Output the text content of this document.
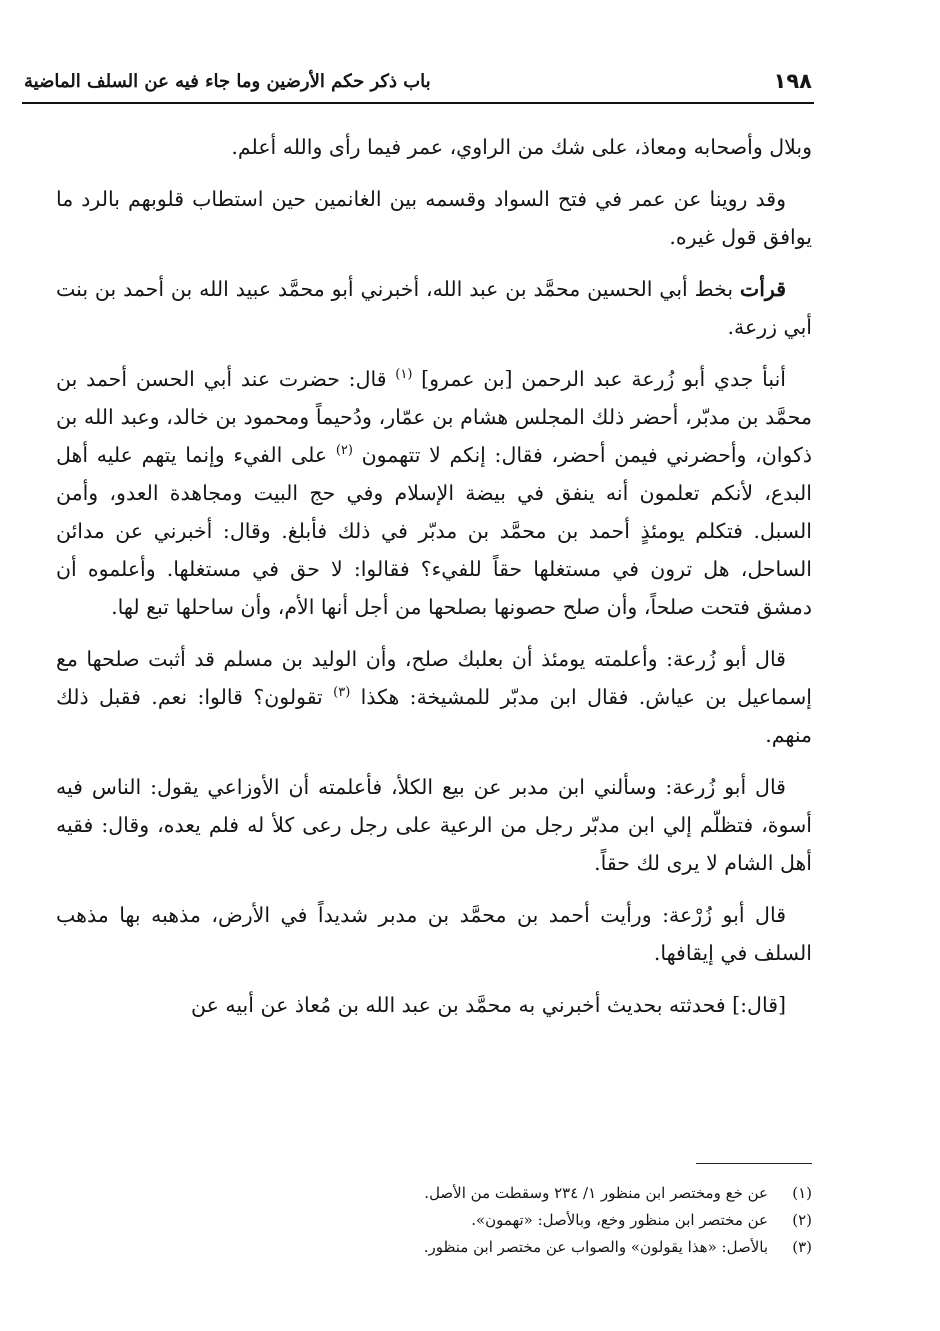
١٩٨
باب ذكر حكم الأرضين وما جاء فيه عن السلف الماضية

وبلال وأصحابه ومعاذ، على شك من الراوي، عمر فيما رأى والله أعلم.

وقد روينا عن عمر في فتح السواد وقسمه بين الغانمين حين استطاب قلوبهم بالرد ما يوافق قول غيره.

قرأت بخط أبي الحسين محمَّد بن عبد الله، أخبرني أبو محمَّد عبيد الله بن أحمد بن بنت أبي زرعة.

أنبأ جدي أبو زُرعة عبد الرحمن [بن عمرو] $^{(١)}$ قال: حضرت عند أبي الحسن أحمد بن محمَّد بن مدبّر، أحضر ذلك المجلس هشام بن عمّار، ودُحيماً ومحمود بن خالد، وعبد الله بن ذكوان، وأحضرني فيمن أحضر، فقال: إنكم لا تتهمون $^{(٢)}$ على الفيء وإنما يتهم عليه أهل البدع، لأنكم تعلمون أنه ينفق في بيضة الإسلام وفي حج البيت ومجاهدة العدو، وأمن السبل. فتكلم يومئذٍ أحمد بن محمَّد بن مدبّر في ذلك فأبلغ. وقال: أخبرني عن مدائن الساحل، هل ترون في مستغلها حقاً للفيء؟ فقالوا: لا حق في مستغلها. وأعلموه أن دمشق فتحت صلحاً، وأن صلح حصونها بصلحها من أجل أنها الأم، وأن ساحلها تبع لها.

قال أبو زُرعة: وأعلمته يومئذ أن بعلبك صلح، وأن الوليد بن مسلم قد أثبت صلحها مع إسماعيل بن عياش. فقال ابن مدبّر للمشيخة: هكذا $^{(٣)}$ تقولون؟ قالوا: نعم. فقبل ذلك منهم.

قال أبو زُرعة: وسألني ابن مدبر عن بيع الكلأ، فأعلمته أن الأوزاعي يقول: الناس فيه أسوة، فتظلّم إلي ابن مدبّر رجل من الرعية على رجل رعى كلأ له فلم يعده، وقال: فقيه أهل الشام لا يرى لك حقاً.

قال أبو زُرْعة: ورأيت أحمد بن محمَّد بن مدبر شديداً في الأرض، مذهبه بها مذهب السلف في إيقافها.

[قال:] فحدثته بحديث أخبرني به محمَّد بن عبد الله بن مُعاذ عن أبيه عن

(١)
عن خع ومختصر ابن منظور ١/ ٢٣٤ وسقطت من الأصل.
(٢)
عن مختصر ابن منظور وخع، وبالأصل: «تهمون».
(٣)
بالأصل: «هذا يقولون» والصواب عن مختصر ابن منظور.
